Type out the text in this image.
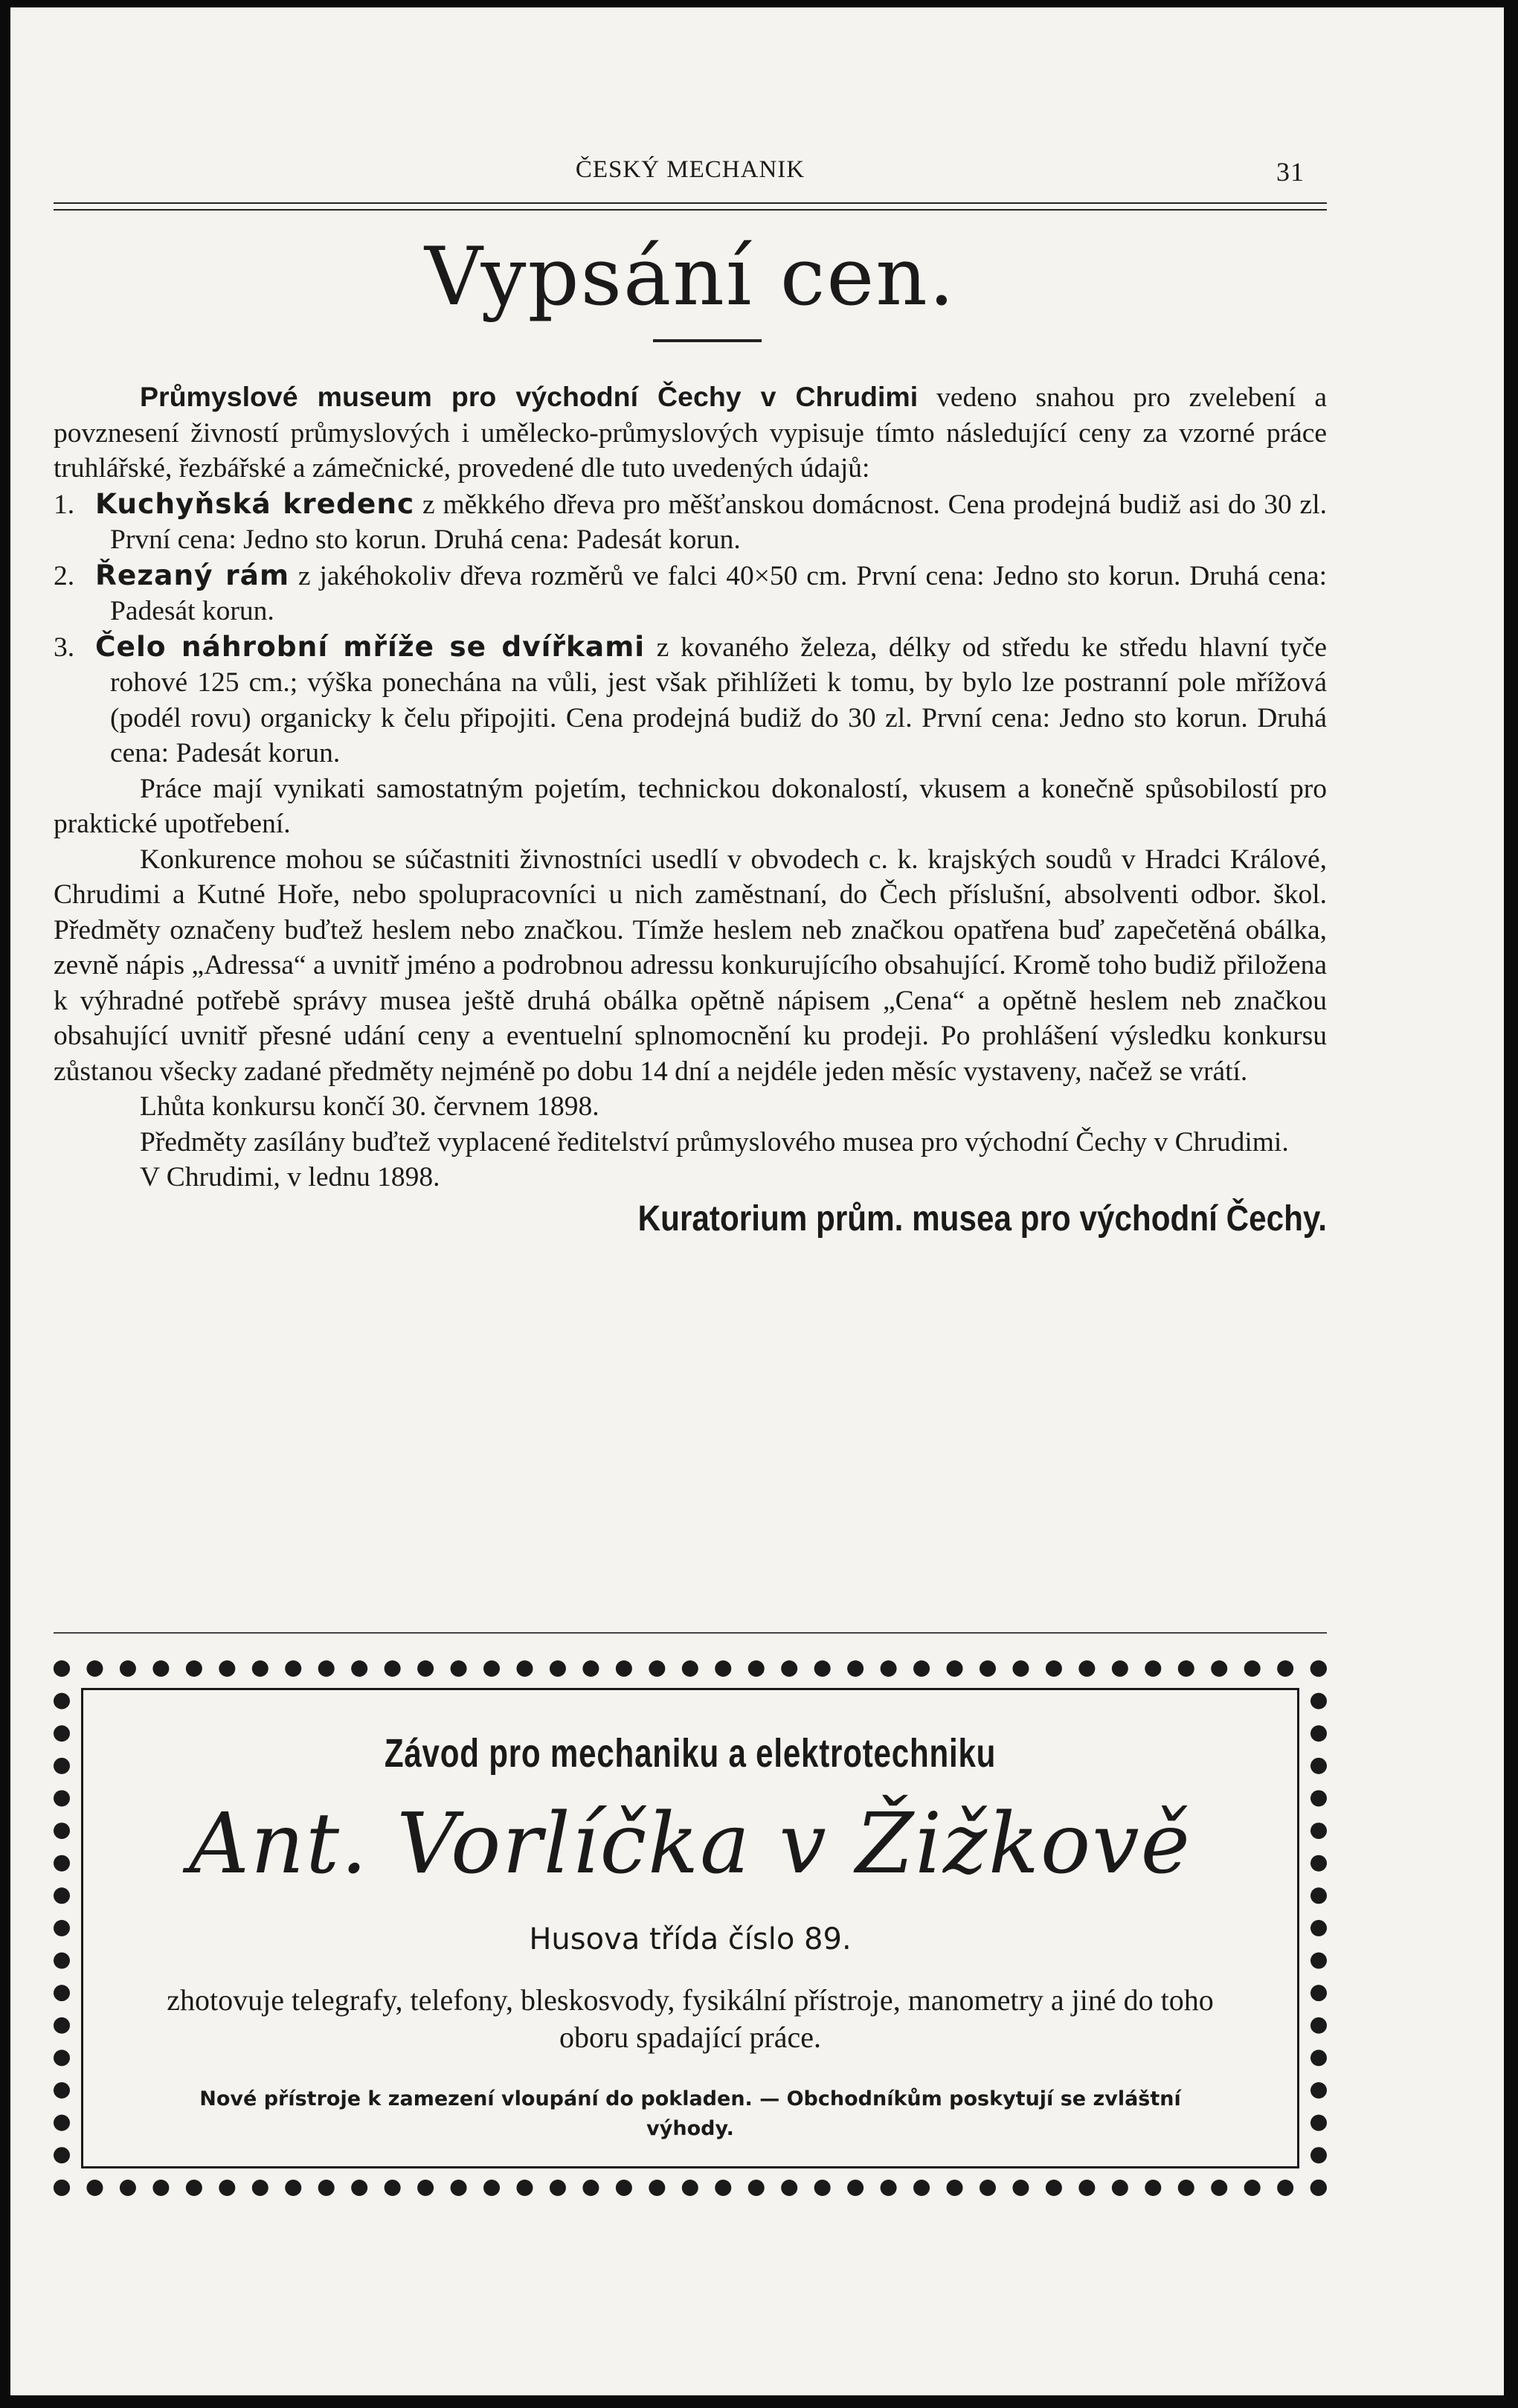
ČESKÝ MECHANIK	31
Vypsání cen.

Průmyslové museum pro východní Čechy v Chrudimi vedeno snahou pro zvelebení a povznesení živností průmyslových i umělecko-průmyslových vypisuje tímto následující ceny za vzorné práce truhlářské, řezbářské a zámečnické, provedené dle tuto uvedených údajů:

1. Kuchyňská kredenc z měkkého dřeva pro měšťanskou domácnost. Cena prodejná budiž asi do 30 zl. První cena: Jedno sto korun. Druhá cena: Padesát korun.

2. Řezaný rám z jakéhokoliv dřeva rozměrů ve falci 40×50 cm. První cena: Jedno sto korun. Druhá cena: Padesát korun.

3. Čelo náhrobní mříže se dvířkami z kovaného železa, délky od středu ke středu hlavní tyče rohové 125 cm.; výška ponechána na vůli, jest však přihlížeti k tomu, by bylo lze postranní pole mřížová (podél rovu) organicky k čelu připojiti. Cena prodejná budiž do 30 zl. První cena: Jedno sto korun. Druhá cena: Padesát korun.

Práce mají vynikati samostatným pojetím, technickou dokonalostí, vkusem a konečně spůsobilostí pro praktické upotřebení.

Konkurence mohou se súčastniti živnostníci usedlí v obvodech c. k. krajských soudů v Hradci Králové, Chrudimi a Kutné Hoře, nebo spolupracovníci u nich zaměstnaní, do Čech příslušní, absolventi odbor. škol. Předměty označeny buďtež heslem nebo značkou. Tímže heslem neb značkou opatřena buď zapečetěná obálka, zevně nápis „Adressa“ a uvnitř jméno a podrobnou adressu konkurujícího obsahující. Kromě toho budiž přiložena k výhradné potřebě správy musea ještě druhá obálka opětně nápisem „Cena“ a opětně heslem neb značkou obsahující uvnitř přesné udání ceny a eventuelní splnomocnění ku prodeji. Po prohlášení výsledku konkursu zůstanou všecky zadané předměty nejméně po dobu 14 dní a nejdéle jeden měsíc vystaveny, načež se vrátí.

Lhůta konkursu končí 30. červnem 1898.

Předměty zasílány buďtež vyplacené ředitelství průmyslového musea pro východní Čechy v Chrudimi.

V Chrudimi, v lednu 1898.

Kuratorium prům. musea pro východní Čechy.

Závod pro mechaniku a elektrotechniku
Ant. Vorlíčka v Žižkově
Husova třída číslo 89.
zhotovuje telegrafy, telefony, bleskosvody, fysikální přístroje, manometry a jiné do toho oboru spadající práce.
Nové přístroje k zamezení vloupání do pokladen. — Obchodníkům poskytují se zvláštní výhody.
